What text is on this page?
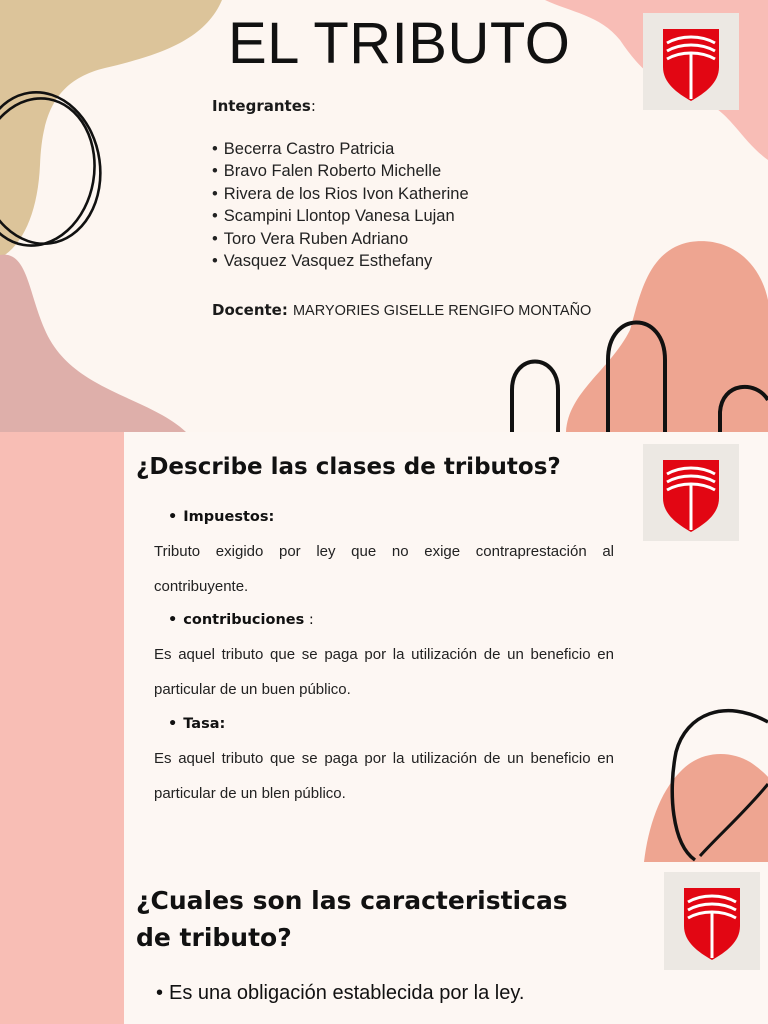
EL TRIBUTO
Integrantes:
• Becerra Castro Patricia
• Bravo Falen Roberto Michelle
• Rivera de los Rios Ivon Katherine
• Scampini Llontop Vanesa Lujan
• Toro Vera Ruben Adriano
• Vasquez Vasquez Esthefany
Docente: MARYORIES GISELLE RENGIFO MONTAÑO
¿Describe las clases de tributos?
• Impuestos:

Tributo exigido por ley que no exige contraprestación al contribuyente.

• contribuciones :

Es aquel tributo que se paga por la utilización de un beneficio en particular de un buen público.

• Tasa:

Es aquel tributo que se paga por la utilización de un beneficio en particular de un blen público.

¿Cuales son las caracteristicas
de tributo?
• Es una obligación establecida por la ley.
